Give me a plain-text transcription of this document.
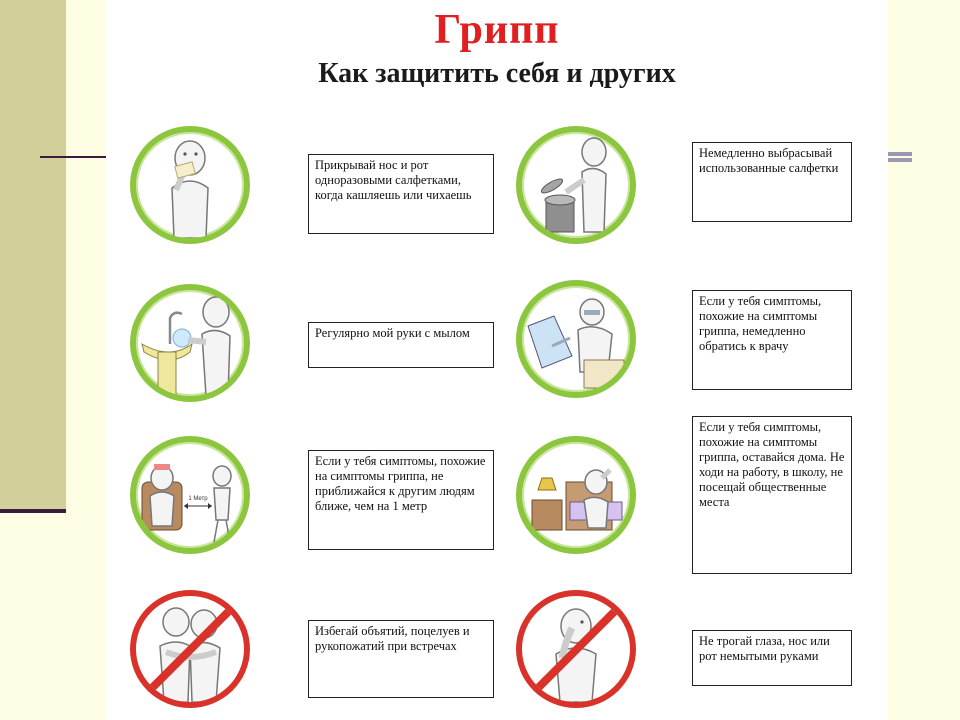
Грипп
Как защитить себя и других
Прикрывай нос и рот одноразовыми салфетками, когда кашляешь или чихаешь
Немедленно выбрасывай использованные салфетки
Регулярно мой руки с мылом
Если у тебя симптомы, похожие на симптомы гриппа, немедленно обратись к врачу
1 Метр
Если у тебя симптомы, похожие на симптомы гриппа, не приближайся к другим людям ближе, чем на 1 метр
Если у тебя симптомы, похожие на симптомы гриппа, оставайся дома. Не ходи на работу, в школу, не посещай общественные места
Избегай объятий, поцелуев и рукопожатий при встречах	Не трогай глаза, нос или рот немытыми руками
